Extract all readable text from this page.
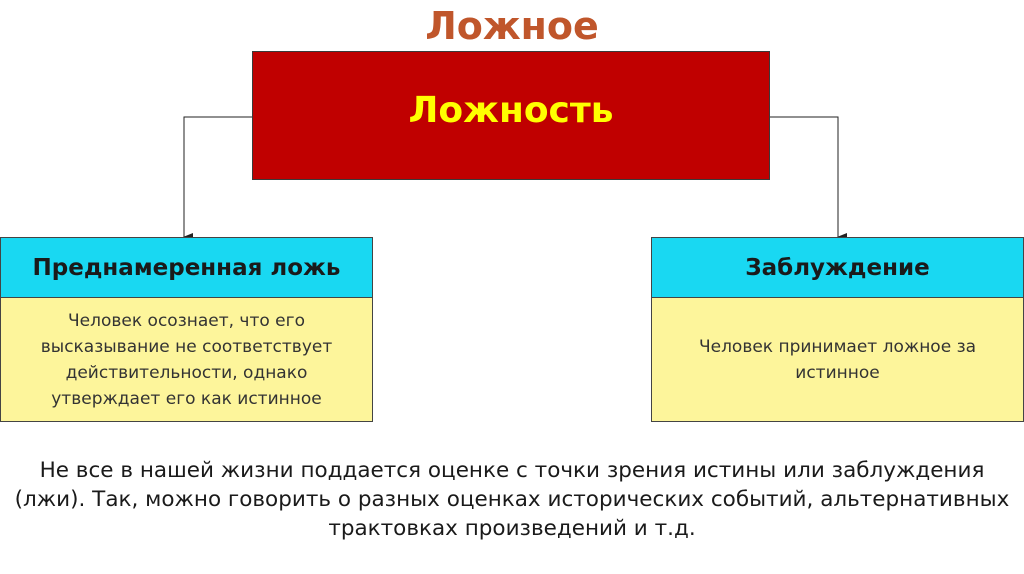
Ложное
Ложность
Преднамеренная ложь
Человек осознает, что его высказывание не соответствует действительности, однако утверждает его как истинное
Заблуждение
Человек принимает ложное за истинное
Не все в нашей жизни поддается оценке с точки зрения истины или заблуждения
(лжи). Так, можно говорить о разных оценках исторических событий, альтернативных
трактовках произведений и т.д.
